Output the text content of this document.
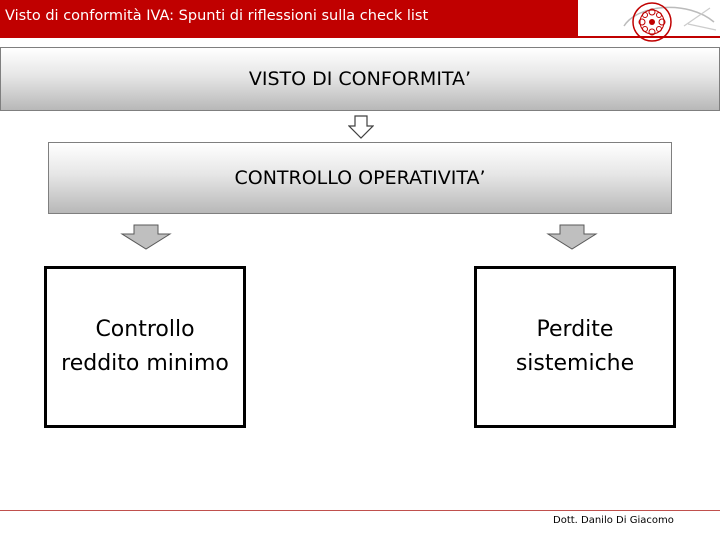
Visto di conformità IVA: Spunti di riflessioni sulla check list
VISTO DI CONFORMITA’
CONTROLLO OPERATIVITA’
Controllo
reddito minimo
Perdite
sistemiche
Dott. Danilo Di Giacomo
